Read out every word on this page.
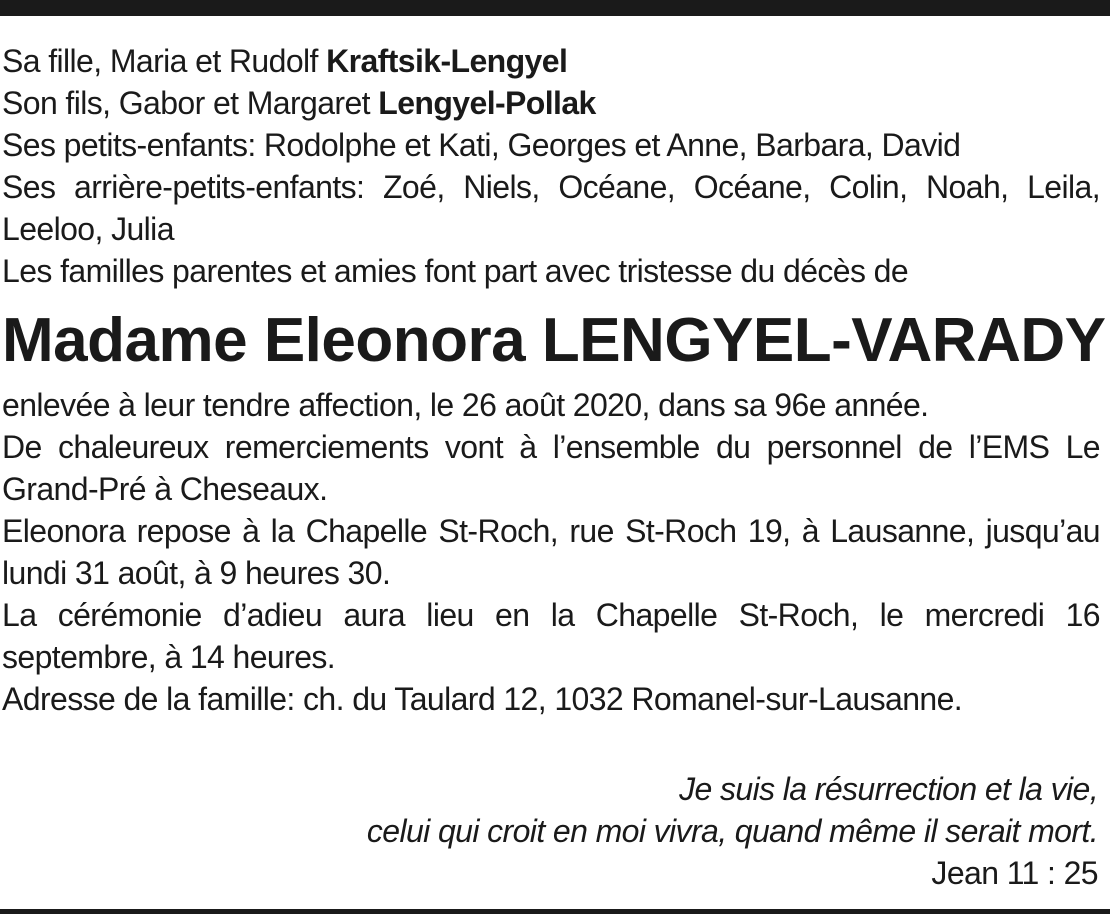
Sa fille, Maria et Rudolf Kraftsik-Lengyel
Son fils, Gabor et Margaret Lengyel-Pollak
Ses petits-enfants: Rodolphe et Kati, Georges et Anne, Barbara, David
Ses arrière-petits-enfants: Zoé, Niels, Océane, Océane, Colin, Noah, Leila, Leeloo, Julia
Les familles parentes et amies font part avec tristesse du décès de
Madame Eleonora LENGYEL-VARADY
enlevée à leur tendre affection, le 26 août 2020, dans sa 96e année.
De chaleureux remerciements vont à l’ensemble du personnel de l’EMS Le Grand-Pré à Cheseaux.
Eleonora repose à la Chapelle St-Roch, rue St-Roch 19, à Lausanne, jusqu’au lundi 31 août, à 9 heures 30.
La cérémonie d’adieu aura lieu en la Chapelle St-Roch, le mercredi 16 septembre, à 14 heures.
Adresse de la famille: ch. du Taulard 12, 1032 Romanel-sur-Lausanne.
Je suis la résurrection et la vie,
celui qui croit en moi vivra, quand même il serait mort.
Jean 11 : 25
